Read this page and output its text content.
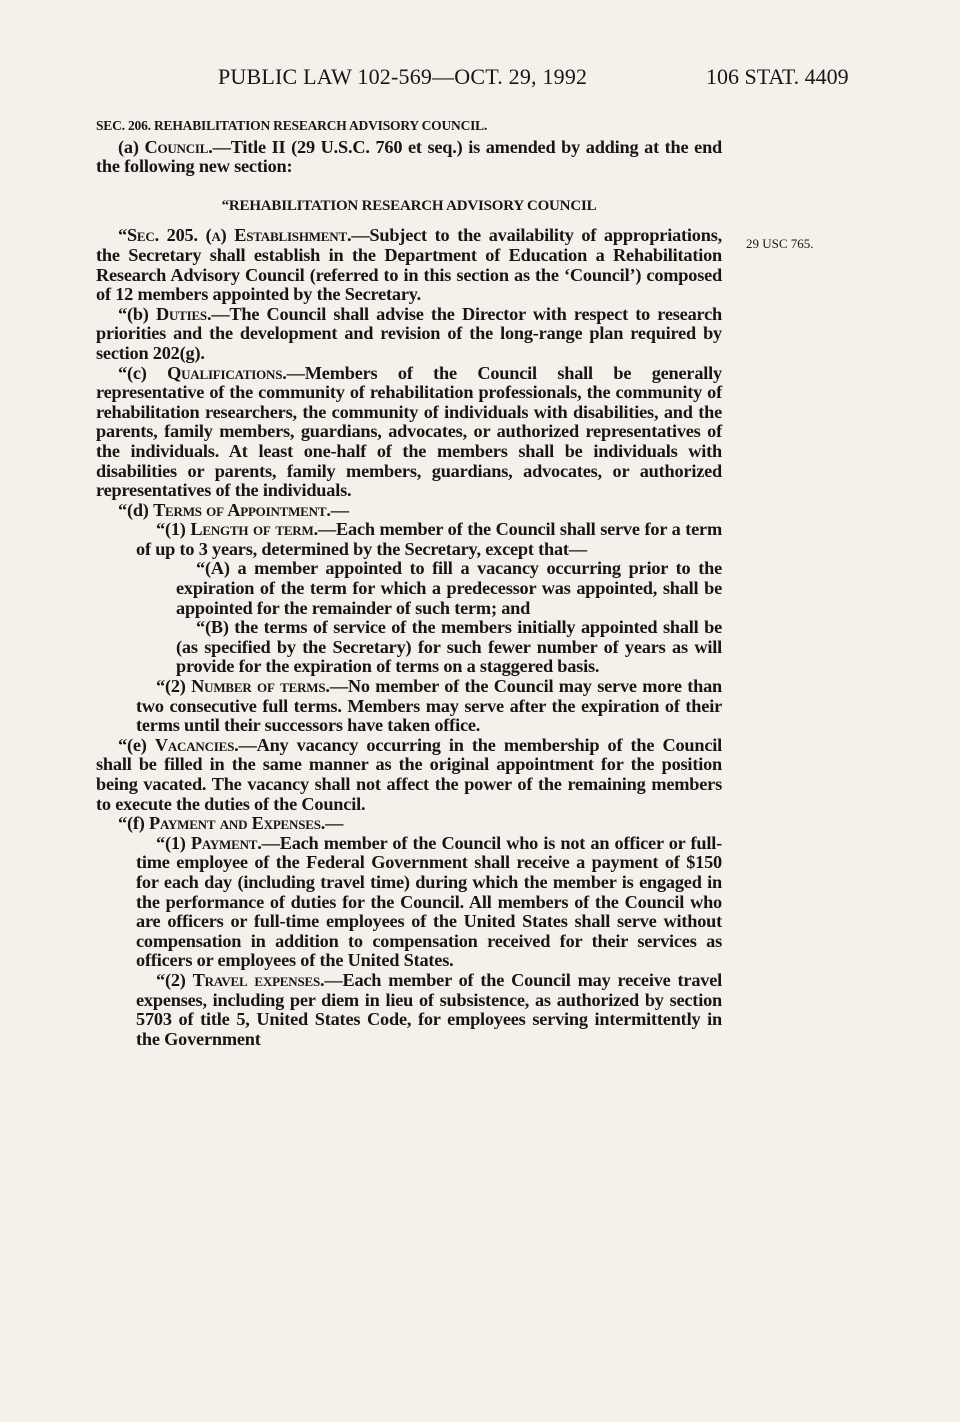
PUBLIC LAW 102-569—OCT. 29, 1992	106 STAT. 4409
29 USC 765.

SEC. 206. REHABILITATION RESEARCH ADVISORY COUNCIL.

(a) Council.—Title II (29 U.S.C. 760 et seq.) is amended by adding at the end the following new section:

“REHABILITATION RESEARCH ADVISORY COUNCIL

“Sec. 205. (a) Establishment.—Subject to the availability of appropriations, the Secretary shall establish in the Department of Education a Rehabilitation Research Advisory Council (referred to in this section as the ‘Council’) composed of 12 members appointed by the Secretary.

“(b) Duties.—The Council shall advise the Director with respect to research priorities and the development and revision of the long-range plan required by section 202(g).

“(c) Qualifications.—Members of the Council shall be generally representative of the community of rehabilitation professionals, the community of rehabilitation researchers, the community of individuals with disabilities, and the parents, family members, guardians, advocates, or authorized representatives of the individuals. At least one-half of the members shall be individuals with disabilities or parents, family members, guardians, advocates, or authorized representatives of the individuals.

“(d) Terms of Appointment.—

“(1) Length of term.—Each member of the Council shall serve for a term of up to 3 years, determined by the Secretary, except that—

“(A) a member appointed to fill a vacancy occurring prior to the expiration of the term for which a predecessor was appointed, shall be appointed for the remainder of such term; and

“(B) the terms of service of the members initially appointed shall be (as specified by the Secretary) for such fewer number of years as will provide for the expiration of terms on a staggered basis.

“(2) Number of terms.—No member of the Council may serve more than two consecutive full terms. Members may serve after the expiration of their terms until their successors have taken office.

“(e) Vacancies.—Any vacancy occurring in the membership of the Council shall be filled in the same manner as the original appointment for the position being vacated. The vacancy shall not affect the power of the remaining members to execute the duties of the Council.

“(f) Payment and Expenses.—

“(1) Payment.—Each member of the Council who is not an officer or full-time employee of the Federal Government shall receive a payment of $150 for each day (including travel time) during which the member is engaged in the performance of duties for the Council. All members of the Council who are officers or full-time employees of the United States shall serve without compensation in addition to compensation received for their services as officers or employees of the United States.

“(2) Travel expenses.—Each member of the Council may receive travel expenses, including per diem in lieu of subsistence, as authorized by section 5703 of title 5, United States Code, for employees serving intermittently in the Government
